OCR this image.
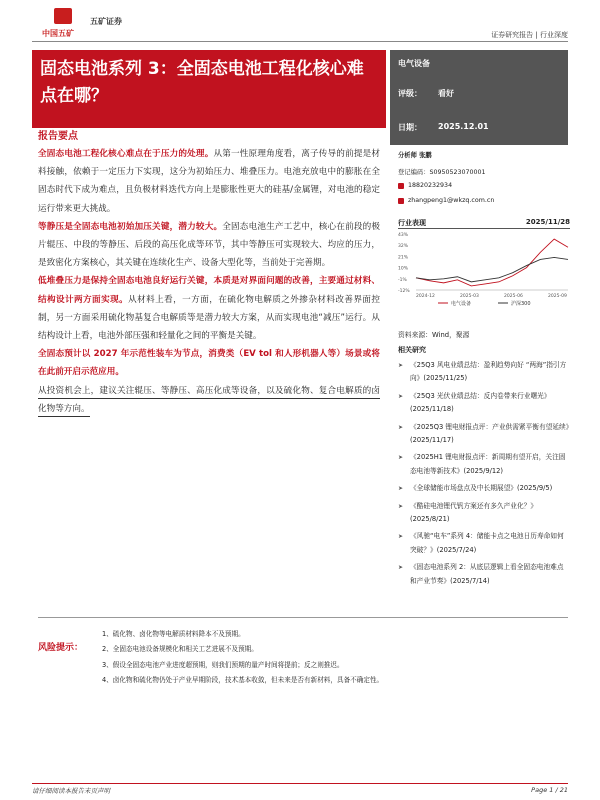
中国五矿
五矿证券
证券研究报告 | 行业深度
固态电池系列 3：全固态电池工程化核心难点在哪？
电气设备
评级： 看好
日期： 2025.12.01
报告要点

全固态电池工程化核心难点在于压力的处理。从第一性原理角度看，离子传导的前提是材料接触，依赖于一定压力下实现，这分为初始压力、堆叠压力。电池充放电中的膨胀在全固态时代下成为难点，且负极材料迭代方向上是膨胀性更大的硅基/金属锂，对电池的稳定运行带来更大挑战。

等静压是全固态电池初始加压关键，潜力较大。全固态电池生产工艺中，核心在前段的极片辊压、中段的等静压、后段的高压化成等环节，其中等静压可实现较大、均应的压力，是致密化方案核心，其关键在连续化生产、设备大型化等，当前处于完善期。

低堆叠压力是保持全固态电池良好运行关键，本质是对界面问题的改善，主要通过材料、结构设计两方面实现。从材料上看，一方面，在硫化物电解质之外掺杂材料改善界面控制，另一方面采用硫化物基复合电解质等是潜力较大方案，从而实现电池“减压”运行。从结构设计上看，电池外部压强和轻量化之间的平衡是关键。

全固态预计以 2027 年示范性装车为节点，消费类（EV tol 和人形机器人等）场景或将在此前开启示范应用。

从投资机会上，建议关注辊压、等静压、高压化成等设备，以及硫化物、复合电解质的卤化物等方向。

分析师 张鹏
登记编码：S0950523070001
18820232934
zhangpeng1@wkzq.com.cn
行业表现	2025/11/28
43%
32%
21%
10%
-1%
-12%
2024-12	2025-03	2025-06	2025-09
电气设备	沪深300
资料来源：Wind，聚源
相关研究
➤ 《25Q3 风电业绩总结：盈利趋势向好 “两海”指引方向》(2025/11/25)
➤ 《25Q3 光伏业绩总结：反内卷带来行业曙光》(2025/11/18)
➤ 《2025Q3 锂电财报点评：产业供需紧平衡有望延续》(2025/11/17)
➤ 《2025H1 锂电财报点评：新周期有望开启，关注固态电池等新技术》(2025/9/12)
➤ 《全球储能市场盘点及中长期展望》(2025/9/5)
➤ 《酷硅电池锂代钒方案还有多久产业化？》(2025/8/21)
➤ 《风驰“电车”系列 4：储能卡点之电池日历寿命如何突破？》(2025/7/24)
➤ 《固态电池系列 2：从底层逻辑上看全固态电池难点和产业节奏》(2025/7/14)
风险提示：

1、硫化物、卤化物等电解质材料降本不及预期。

2、全固态电池设备规模化和相关工艺进展不及预期。

3、假设全固态电池产业进度超预期，则我们预期的量产时间将提前；反之则推迟。

4、卤化物和硫化物仍处于产业早期阶段，技术基本收敛，但未来是否有新材料，具备不确定性。

请仔细阅读本报告末页声明	Page 1 / 21
